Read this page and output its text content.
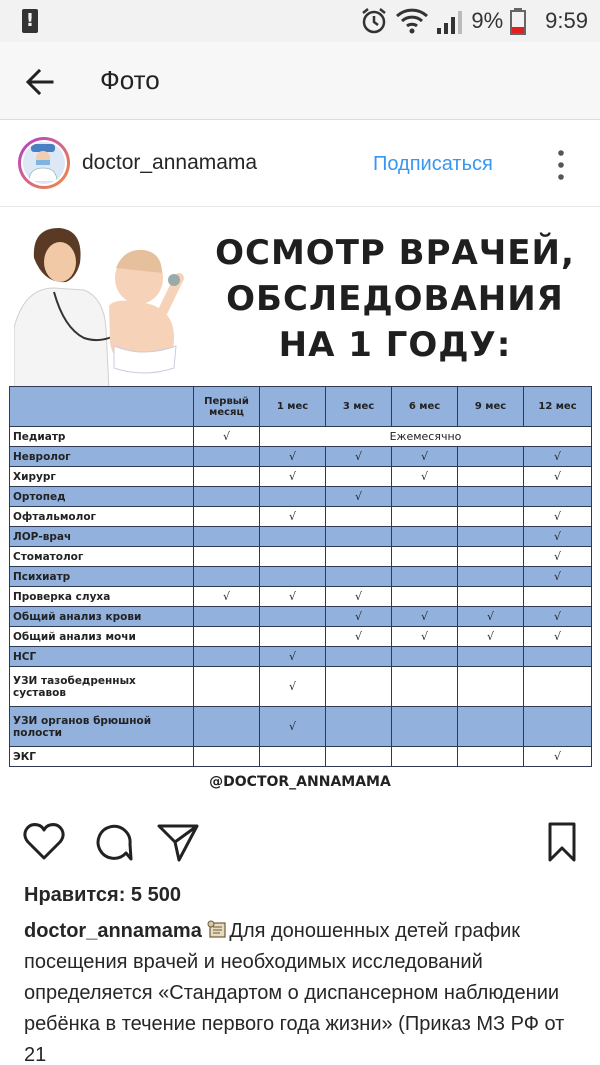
!
9% 9:59
Фото
doctor_annamama	Подписаться
ОСМОТР ВРАЧЕЙ,
ОБСЛЕДОВАНИЯ
НА 1 ГОДУ:
	Первый месяц	1 мес	3 мес	6 мес	9 мес	12 мес
Педиатр	√	Ежемесячно				
Невролог		√	√	√		√
Хирург		√		√		√
Ортопед			√			
Офтальмолог		√				√
ЛОР-врач						√
Стоматолог						√
Психиатр						√
Проверка слуха	√	√	√			
Общий анализ крови			√	√	√	√
Общий анализ мочи			√	√	√	√
НСГ		√				
УЗИ тазобедренных суставов		√				
УЗИ органов брюшной полости		√				
ЭКГ						√
@DOCTOR_ANNAMAMA
Нравится: 5 500
doctor_annamama Для доношенных детей график посещения врачей и необходимых исследований определяется «Стандартом о диспансерном наблюдении ребёнка в течение первого года жизни» (Приказ МЗ РФ от 21
